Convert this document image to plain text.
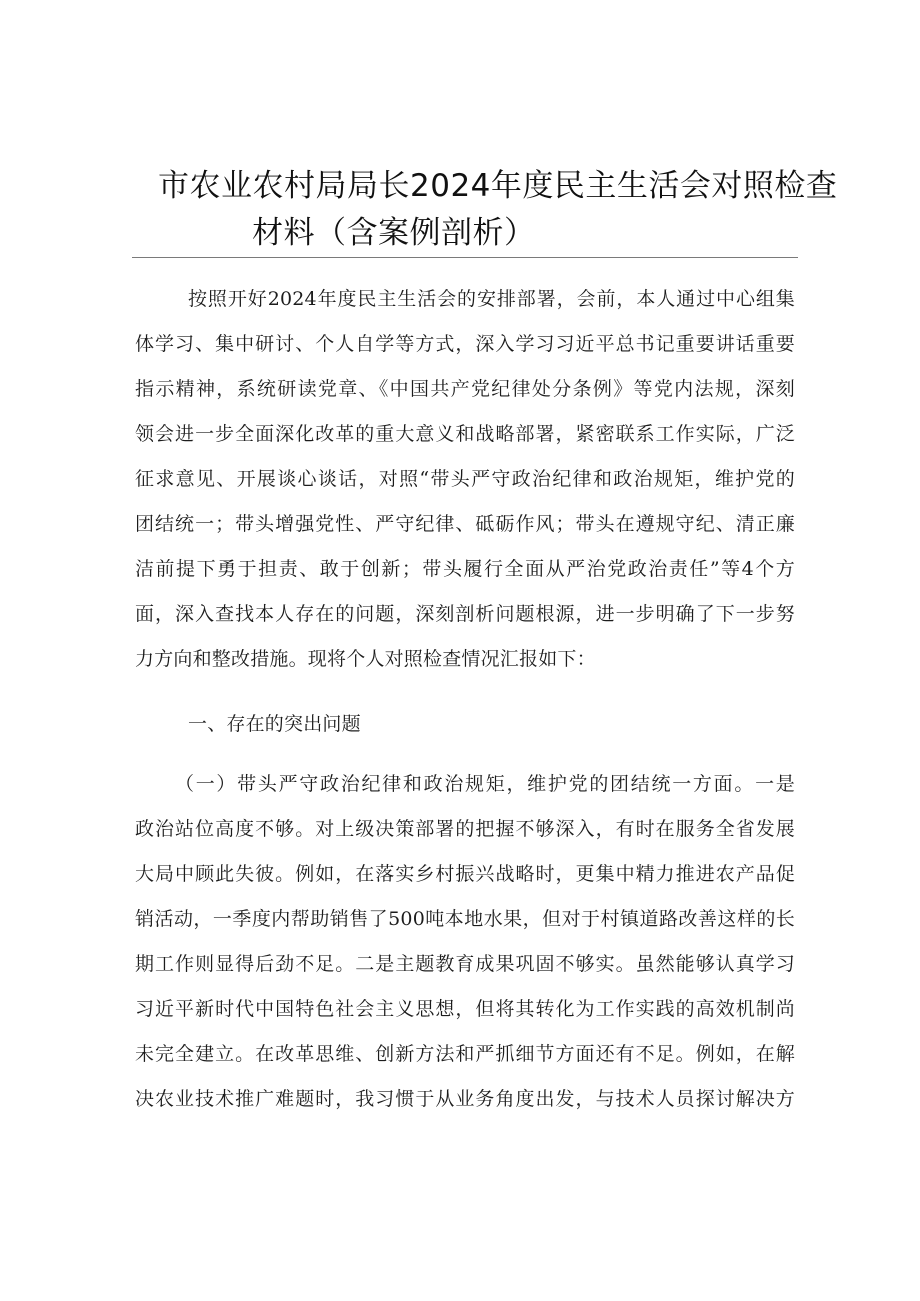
市农业农村局局长2024年度民主生活会对照检查
材料（含案例剖析）
按照开好2024年度民主生活会的安排部署，会前，本人通过中心组集
体学习、集中研讨、个人自学等方式，深入学习习近平总书记重要讲话重要
指示精神，系统研读党章、《中国共产党纪律处分条例》等党内法规，深刻
领会进一步全面深化改革的重大意义和战略部署，紧密联系工作实际，广泛
征求意见、开展谈心谈话，对照“带头严守政治纪律和政治规矩，维护党的
团结统一；带头增强党性、严守纪律、砥砺作风；带头在遵规守纪、清正廉
洁前提下勇于担责、敢于创新；带头履行全面从严治党政治责任”等4个方
面，深入查找本人存在的问题，深刻剖析问题根源，进一步明确了下一步努
力方向和整改措施。现将个人对照检查情况汇报如下：
一、存在的突出问题
（一）带头严守政治纪律和政治规矩，维护党的团结统一方面。一是
政治站位高度不够。对上级决策部署的把握不够深入，有时在服务全省发展
大局中顾此失彼。例如，在落实乡村振兴战略时，更集中精力推进农产品促
销活动，一季度内帮助销售了500吨本地水果，但对于村镇道路改善这样的长
期工作则显得后劲不足。二是主题教育成果巩固不够实。虽然能够认真学习
习近平新时代中国特色社会主义思想，但将其转化为工作实践的高效机制尚
未完全建立。在改革思维、创新方法和严抓细节方面还有不足。例如，在解
决农业技术推广难题时，我习惯于从业务角度出发，与技术人员探讨解决方
